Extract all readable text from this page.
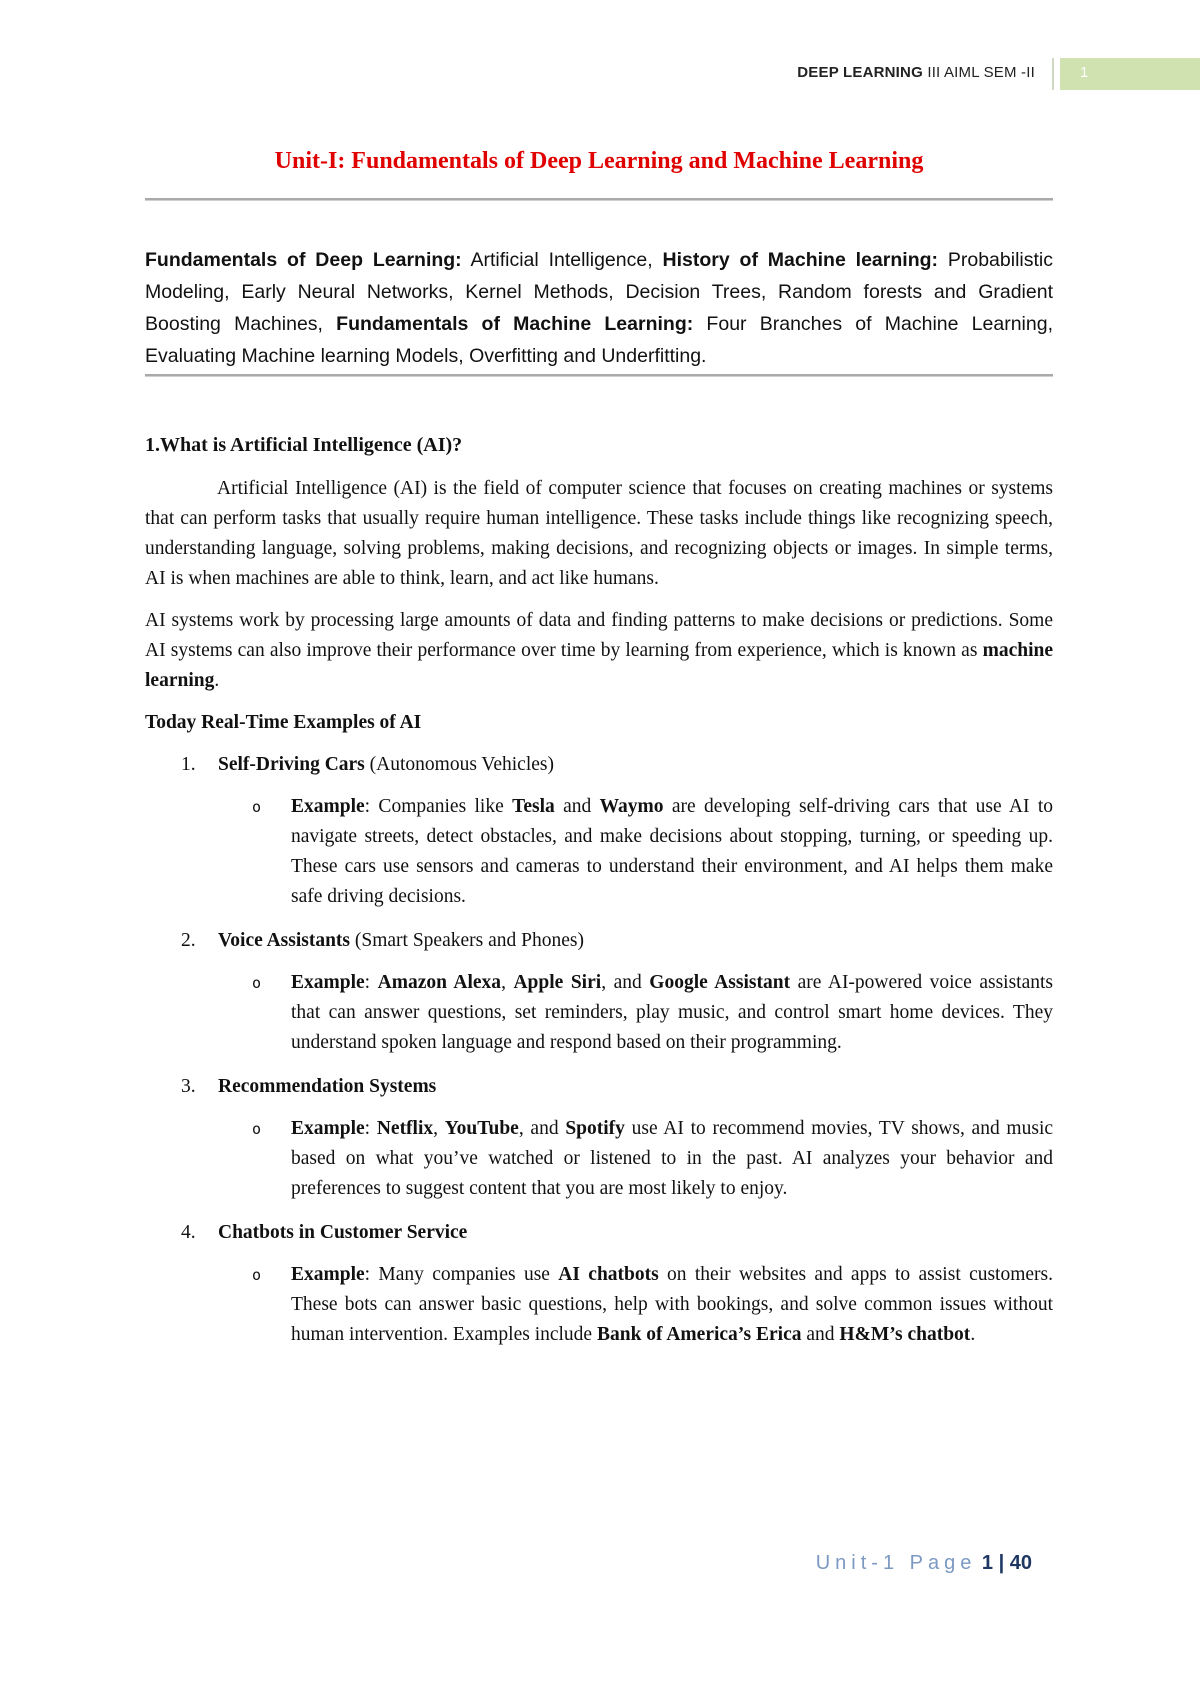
DEEP LEARNING III AIML SEM -II	1
Unit-I: Fundamentals of Deep Learning and Machine Learning
Fundamentals of Deep Learning: Artificial Intelligence, History of Machine learning: Probabilistic Modeling, Early Neural Networks, Kernel Methods, Decision Trees, Random forests and Gradient Boosting Machines, Fundamentals of Machine Learning: Four Branches of Machine Learning, Evaluating Machine learning Models, Overfitting and Underfitting.
1.What is Artificial Intelligence (AI)?

Artificial Intelligence (AI) is the field of computer science that focuses on creating machines or systems that can perform tasks that usually require human intelligence. These tasks include things like recognizing speech, understanding language, solving problems, making decisions, and recognizing objects or images. In simple terms, AI is when machines are able to think, learn, and act like humans.

AI systems work by processing large amounts of data and finding patterns to make decisions or predictions. Some AI systems can also improve their performance over time by learning from experience, which is known as machine learning.

Today Real-Time Examples of AI
1. Self-Driving Cars (Autonomous Vehicles)
o Example: Companies like Tesla and Waymo are developing self-driving cars that use AI to navigate streets, detect obstacles, and make decisions about stopping, turning, or speeding up. These cars use sensors and cameras to understand their environment, and AI helps them make safe driving decisions.
2. Voice Assistants (Smart Speakers and Phones)
o Example: Amazon Alexa, Apple Siri, and Google Assistant are AI-powered voice assistants that can answer questions, set reminders, play music, and control smart home devices. They understand spoken language and respond based on their programming.
3. Recommendation Systems
o Example: Netflix, YouTube, and Spotify use AI to recommend movies, TV shows, and music based on what you’ve watched or listened to in the past. AI analyzes your behavior and preferences to suggest content that you are most likely to enjoy.
4. Chatbots in Customer Service
o Example: Many companies use AI chatbots on their websites and apps to assist customers. These bots can answer basic questions, help with bookings, and solve common issues without human intervention. Examples include Bank of America’s Erica and H&M’s chatbot.
Unit-1 Page 1 | 40
